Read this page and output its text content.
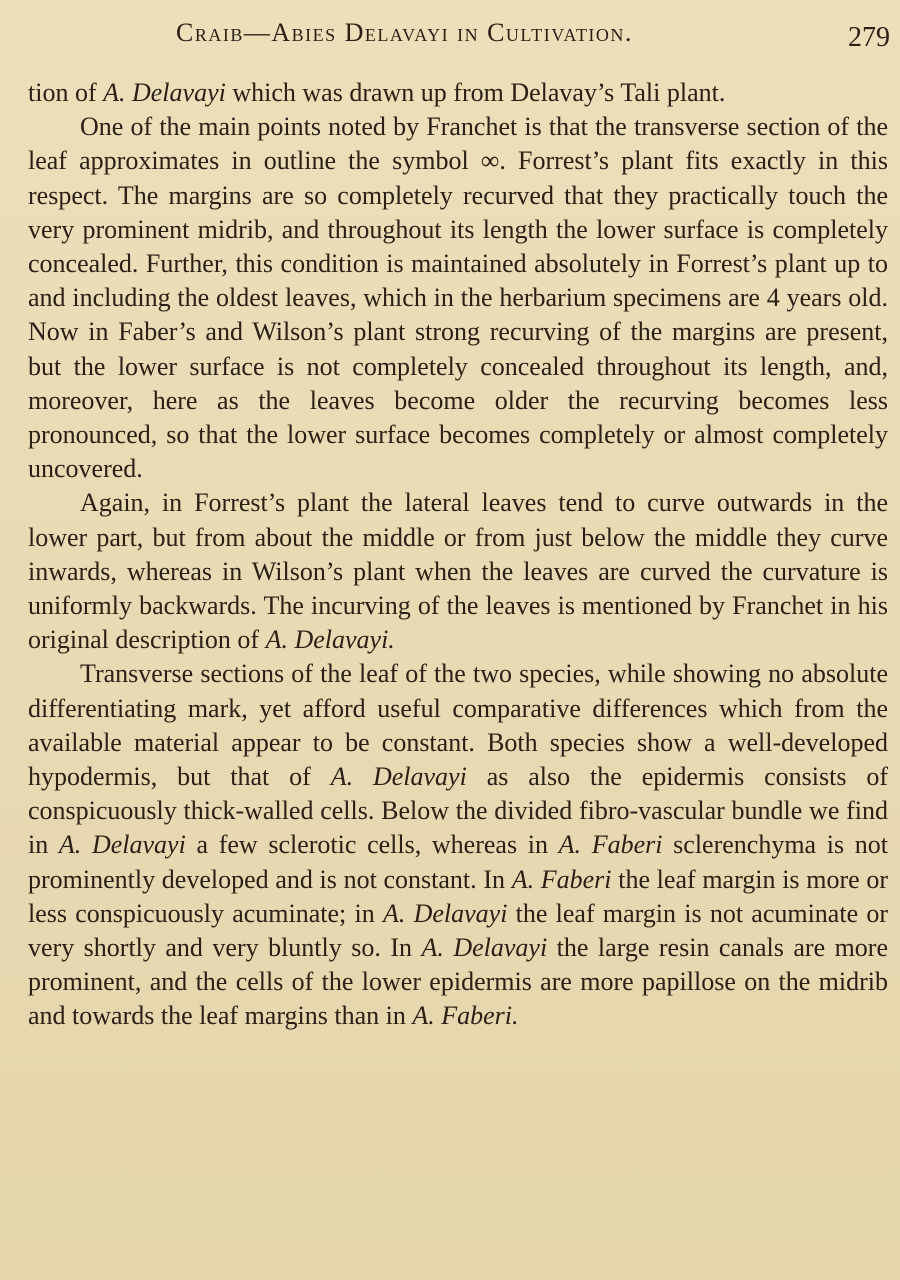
Craib—Abies Delavayi in Cultivation.	279

tion of A. Delavayi which was drawn up from Delavay’s Tali plant.

One of the main points noted by Franchet is that the transverse section of the leaf approximates in outline the symbol ∞. Forrest’s plant fits exactly in this respect. The margins are so completely recurved that they practically touch the very prominent midrib, and throughout its length the lower surface is completely concealed. Further, this condition is maintained absolutely in Forrest’s plant up to and including the oldest leaves, which in the herbarium specimens are 4 years old. Now in Faber’s and Wilson’s plant strong recurving of the margins are present, but the lower surface is not completely concealed throughout its length, and, moreover, here as the leaves become older the recurving becomes less pronounced, so that the lower surface becomes completely or almost completely uncovered.

Again, in Forrest’s plant the lateral leaves tend to curve outwards in the lower part, but from about the middle or from just below the middle they curve inwards, whereas in Wilson’s plant when the leaves are curved the curvature is uniformly backwards. The incurving of the leaves is mentioned by Franchet in his original description of A. Delavayi.

Transverse sections of the leaf of the two species, while showing no absolute differentiating mark, yet afford useful comparative differences which from the available material appear to be constant. Both species show a well-developed hypodermis, but that of A. Delavayi as also the epidermis consists of conspicuously thick-walled cells. Below the divided fibro-vascular bundle we find in A. Delavayi a few sclerotic cells, whereas in A. Faberi sclerenchyma is not prominently developed and is not constant. In A. Faberi the leaf margin is more or less conspicuously acuminate; in A. Delavayi the leaf margin is not acuminate or very shortly and very bluntly so. In A. Delavayi the large resin canals are more prominent, and the cells of the lower epidermis are more papillose on the midrib and towards the leaf margins than in A. Faberi.
